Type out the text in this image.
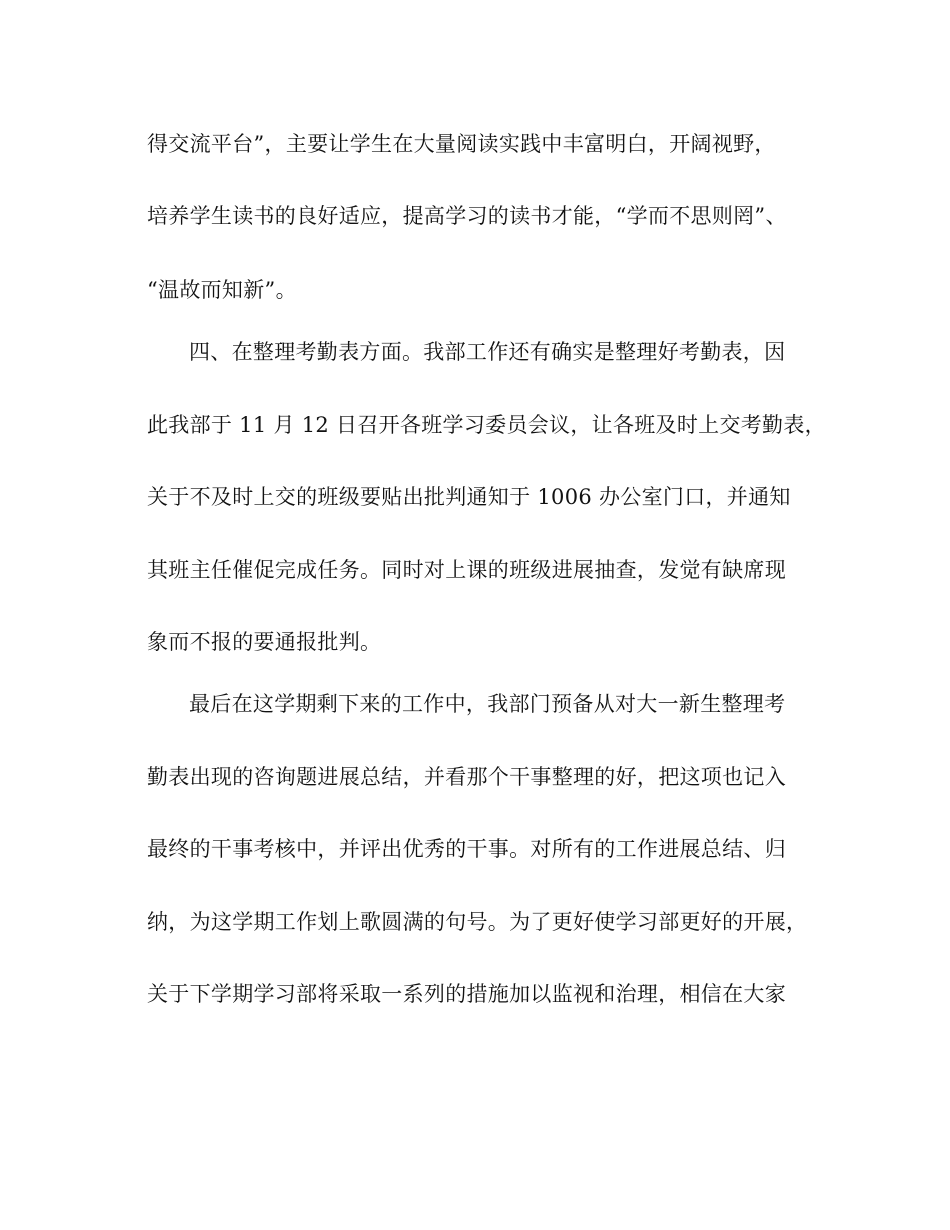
得交流平台”，主要让学生在大量阅读实践中丰富明白，开阔视野，
培养学生读书的良好适应，提高学习的读书才能，“学而不思则罔”、
“温故而知新”。
四、在整理考勤表方面。我部工作还有确实是整理好考勤表，因
此我部于 11 月 12 日召开各班学习委员会议，让各班及时上交考勤表，
关于不及时上交的班级要贴出批判通知于 1006 办公室门口，并通知
其班主任催促完成任务。同时对上课的班级进展抽查，发觉有缺席现
象而不报的要通报批判。
最后在这学期剩下来的工作中，我部门预备从对大一新生整理考
勤表出现的咨询题进展总结，并看那个干事整理的好，把这项也记入
最终的干事考核中，并评出优秀的干事。对所有的工作进展总结、归
纳，为这学期工作划上歌圆满的句号。为了更好使学习部更好的开展，
关于下学期学习部将采取一系列的措施加以监视和治理，相信在大家
